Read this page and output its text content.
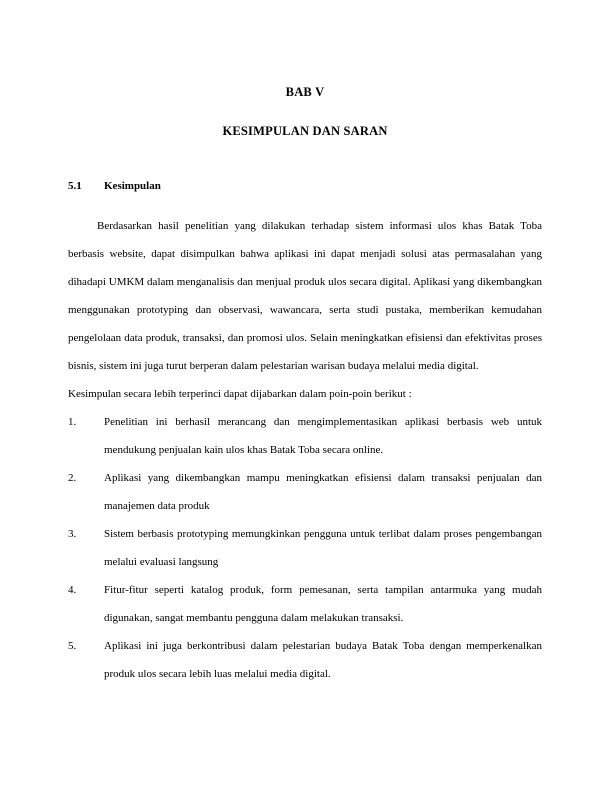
BAB V
KESIMPULAN DAN SARAN
5.1	Kesimpulan

Berdasarkan hasil penelitian yang dilakukan terhadap sistem informasi ulos khas Batak Toba berbasis website, dapat disimpulkan bahwa aplikasi ini dapat menjadi solusi atas permasalahan yang dihadapi UMKM dalam menganalisis dan menjual produk ulos secara digital. Aplikasi yang dikembangkan menggunakan prototyping dan observasi, wawancara, serta studi pustaka, memberikan kemudahan pengelolaan data produk, transaksi, dan promosi ulos. Selain meningkatkan efisiensi dan efektivitas proses bisnis, sistem ini juga turut berperan dalam pelestarian warisan budaya melalui media digital.

Kesimpulan secara lebih terperinci dapat dijabarkan dalam poin-poin berikut :

1.	Penelitian ini berhasil merancang dan mengimplementasikan aplikasi berbasis web untuk mendukung penjualan kain ulos khas Batak Toba secara online.
2.	Aplikasi yang dikembangkan mampu meningkatkan efisiensi dalam transaksi penjualan dan manajemen data produk
3.	Sistem berbasis prototyping memungkinkan pengguna untuk terlibat dalam proses pengembangan melalui evaluasi langsung
4.	Fitur-fitur seperti katalog produk, form pemesanan, serta tampilan antarmuka yang mudah digunakan, sangat membantu pengguna dalam melakukan transaksi.
5.	Aplikasi ini juga berkontribusi dalam pelestarian budaya Batak Toba dengan memperkenalkan produk ulos secara lebih luas melalui media digital.
